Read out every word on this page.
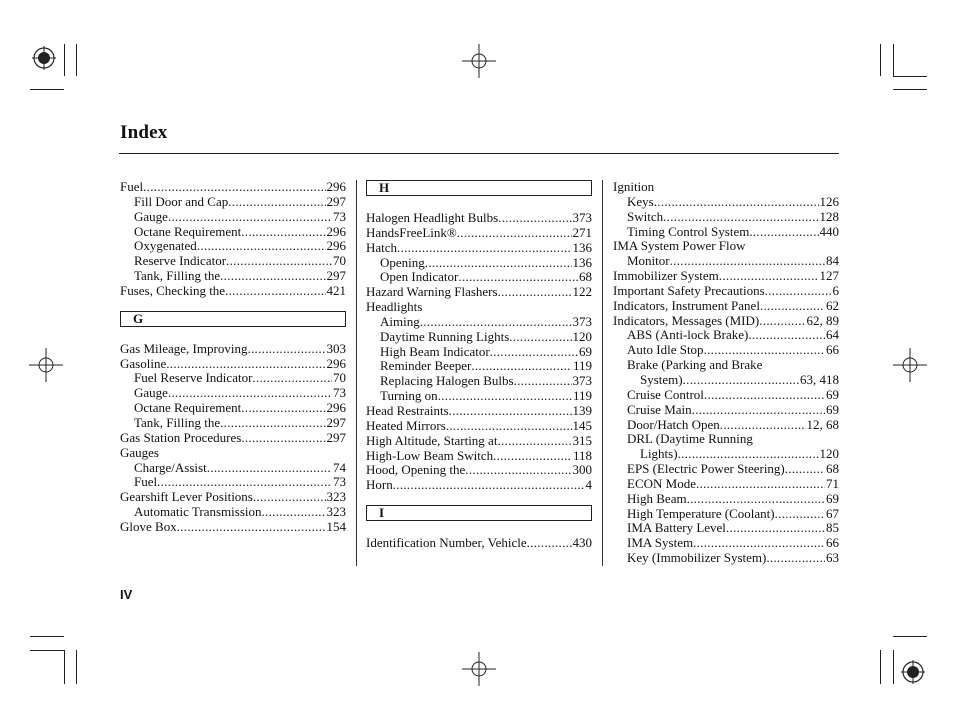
Index
Fuel .....	296
Fill Door and Cap .....	297
Gauge .....	73
Octane Requirement .....	296
Oxygenated .....	296
Reserve Indicator .....	70
Tank, Filling the .....	297
Fuses, Checking the .....	421
G
Gas Mileage, Improving .....	303
Gasoline .....	296
Fuel Reserve Indicator .....	70
Gauge .....	73
Octane Requirement .....	296
Tank, Filling the .....	297
Gas Station Procedures .....	297
Gauges
Charge/Assist .....	74
Fuel .....	73
Gearshift Lever Positions .....	323
Automatic Transmission .....	323
Glove Box .....	154
H
Halogen Headlight Bulbs .....	373
HandsFreeLink® .....	271
Hatch .....	136
Opening .....	136
Open Indicator .....	68
Hazard Warning Flashers .....	122
Headlights
Aiming .....	373
Daytime Running Lights .....	120
High Beam Indicator .....	69
Reminder Beeper .....	119
Replacing Halogen Bulbs .....	373
Turning on .....	119
Head Restraints .....	139
Heated Mirrors .....	145
High Altitude, Starting at .....	315
High-Low Beam Switch .....	118
Hood, Opening the .....	300
Horn .....	4
I
Identification Number, Vehicle .....	430
Ignition
Keys .....	126
Switch .....	128
Timing Control System .....	440
IMA System Power Flow
Monitor .....	84
Immobilizer System .....	127
Important Safety Precautions .....	6
Indicators, Instrument Panel .....	62
Indicators, Messages (MID) .....	62, 89
ABS (Anti-lock Brake) .....	64
Auto Idle Stop .....	66
Brake (Parking and Brake
System) .....	63, 418
Cruise Control .....	69
Cruise Main .....	69
Door/Hatch Open .....	12, 68
DRL (Daytime Running
Lights) .....	120
EPS (Electric Power Steering) .....	68
ECON Mode .....	71
High Beam .....	69
High Temperature (Coolant) .....	67
IMA Battery Level .....	85
IMA System .....	66
Key (Immobilizer System) .....	63
IV
